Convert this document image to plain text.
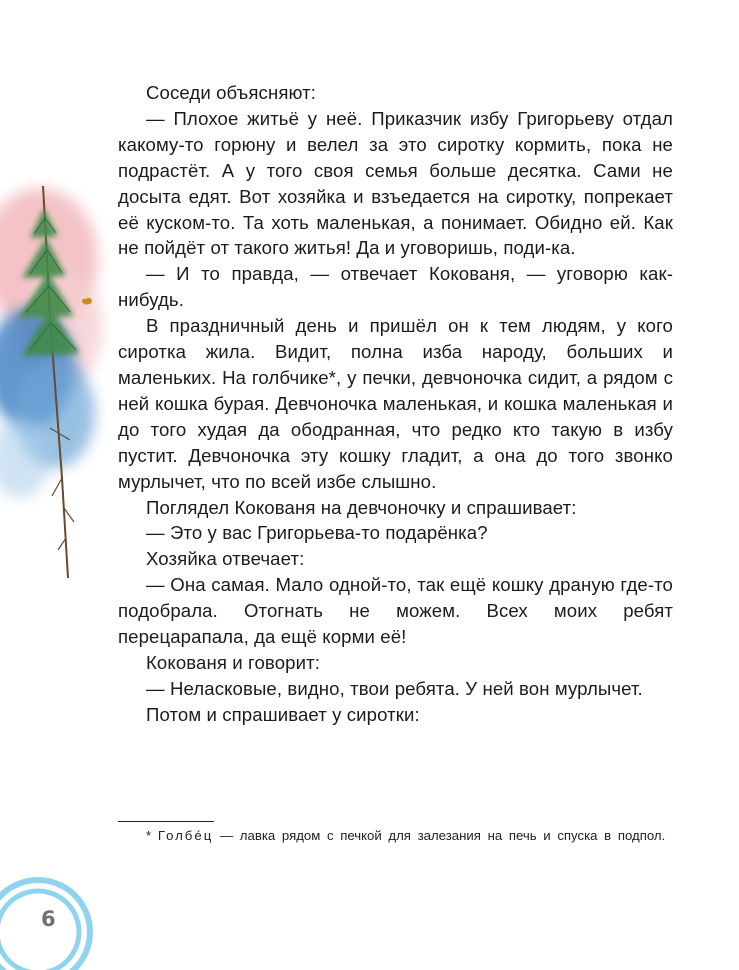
Соседи объясняют:

— Плохое житьё у неё. Приказчик избу Григорьеву отдал какому-то горюну и велел за это сиротку кормить, пока не подрастёт. А у того своя семья больше десятка. Сами не досыта едят. Вот хозяйка и взъедается на сиротку, попрекает её куском-то. Та хоть маленькая, а понимает. Обидно ей. Как не пойдёт от такого житья! Да и уговоришь, поди-ка.

— И то правда, — отвечает Кокованя, — уговорю как-нибудь.

В праздничный день и пришёл он к тем людям, у кого сиротка жила. Видит, полна изба народу, больших и маленьких. На голбчике*, у печки, девчоночка сидит, а рядом с ней кошка бурая. Девчоночка маленькая, и кошка маленькая и до того худая да ободранная, что редко кто такую в избу пустит. Девчоночка эту кошку гладит, а она до того звонко мурлычет, что по всей избе слышно.

Поглядел Кокованя на девчоночку и спрашивает:

— Это у вас Григорьева-то подарёнка?

Хозяйка отвечает:

— Она самая. Мало одной-то, так ещё кошку драную где-то подобрала. Отогнать не можем. Всех моих ребят перецарапала, да ещё корми её!

Кокованя и говорит:

— Неласковые, видно, твои ребята. У ней вон мурлычет.

Потом и спрашивает у сиротки:

* Голбéц — лавка рядом с печкой для залезания на печь и спуска в подпол.
6
